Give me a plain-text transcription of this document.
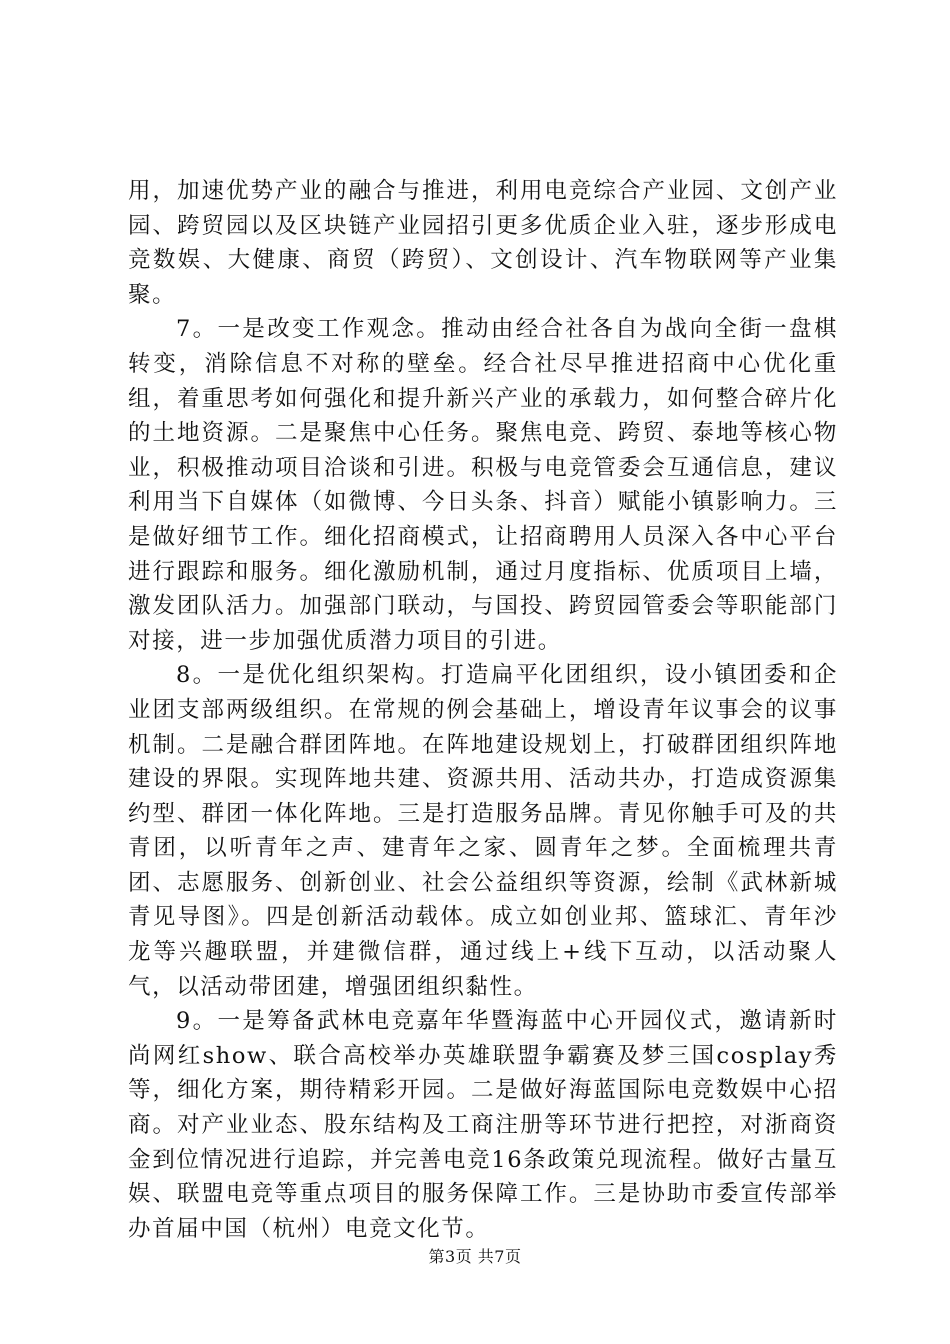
用，加速优势产业的融合与推进，利用电竞综合产业园、文创产业园、跨贸园以及区块链产业园招引更多优质企业入驻，逐步形成电竞数娱、大健康、商贸（跨贸）、文创设计、汽车物联网等产业集聚。

7。一是改变工作观念。推动由经合社各自为战向全街一盘棋转变，消除信息不对称的壁垒。经合社尽早推进招商中心优化重组，着重思考如何强化和提升新兴产业的承载力，如何整合碎片化的土地资源。二是聚焦中心任务。聚焦电竞、跨贸、泰地等核心物业，积极推动项目洽谈和引进。积极与电竞管委会互通信息，建议利用当下自媒体（如微博、今日头条、抖音）赋能小镇影响力。三是做好细节工作。细化招商模式，让招商聘用人员深入各中心平台进行跟踪和服务。细化激励机制，通过月度指标、优质项目上墙，激发团队活力。加强部门联动，与国投、跨贸园管委会等职能部门对接，进一步加强优质潜力项目的引进。

8。一是优化组织架构。打造扁平化团组织，设小镇团委和企业团支部两级组织。在常规的例会基础上，增设青年议事会的议事机制。二是融合群团阵地。在阵地建设规划上，打破群团组织阵地建设的界限。实现阵地共建、资源共用、活动共办，打造成资源集约型、群团一体化阵地。三是打造服务品牌。青见你触手可及的共青团，以听青年之声、建青年之家、圆青年之梦。全面梳理共青团、志愿服务、创新创业、社会公益组织等资源，绘制《武林新城青见导图》。四是创新活动载体。成立如创业邦、篮球汇、青年沙龙等兴趣联盟，并建微信群，通过线上+线下互动，以活动聚人气，以活动带团建，增强团组织黏性。

9。一是筹备武林电竞嘉年华暨海蓝中心开园仪式，邀请新时尚网红show、联合高校举办英雄联盟争霸赛及梦三国cosplay秀等，细化方案，期待精彩开园。二是做好海蓝国际电竞数娱中心招商。对产业业态、股东结构及工商注册等环节进行把控，对浙商资金到位情况进行追踪，并完善电竞16条政策兑现流程。做好古量互娱、联盟电竞等重点项目的服务保障工作。三是协助市委宣传部举办首届中国（杭州）电竞文化节。

第3页 共7页
